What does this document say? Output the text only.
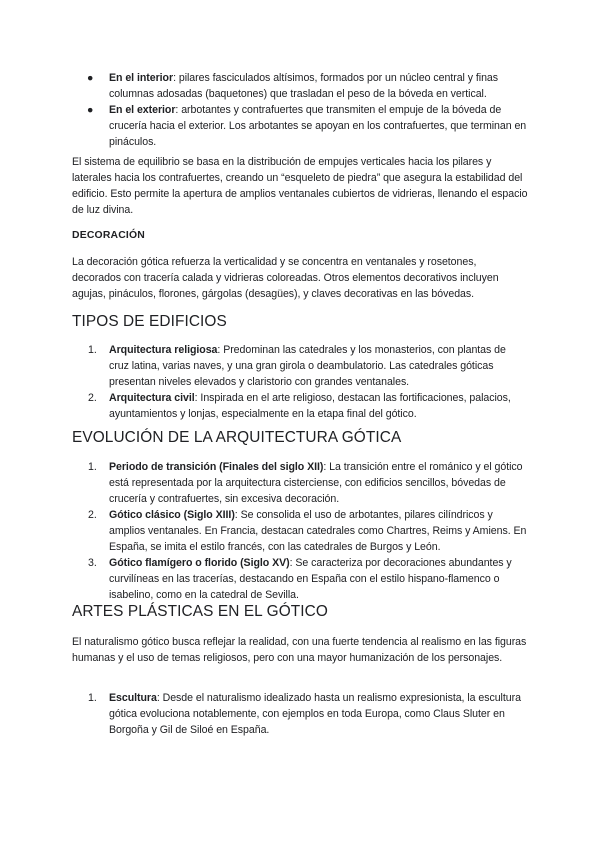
● En el interior: pilares fasciculados altísimos, formados por un núcleo central y finas columnas adosadas (baquetones) que trasladan el peso de la bóveda en vertical.
● En el exterior: arbotantes y contrafuertes que transmiten el empuje de la bóveda de crucería hacia el exterior. Los arbotantes se apoyan en los contrafuertes, que terminan en pináculos.

El sistema de equilibrio se basa en la distribución de empujes verticales hacia los pilares y laterales hacia los contrafuertes, creando un “esqueleto de piedra” que asegura la estabilidad del edificio. Esto permite la apertura de amplios ventanales cubiertos de vidrieras, llenando el espacio de luz divina.

DECORACIÓN

La decoración gótica refuerza la verticalidad y se concentra en ventanales y rosetones, decorados con tracería calada y vidrieras coloreadas. Otros elementos decorativos incluyen agujas, pináculos, florones, gárgolas (desagües), y claves decorativas en las bóvedas.

TIPOS DE EDIFICIOS
1. Arquitectura religiosa: Predominan las catedrales y los monasterios, con plantas de cruz latina, varias naves, y una gran girola o deambulatorio. Las catedrales góticas presentan niveles elevados y claristorio con grandes ventanales.
2. Arquitectura civil: Inspirada en el arte religioso, destacan las fortificaciones, palacios, ayuntamientos y lonjas, especialmente en la etapa final del gótico.
EVOLUCIÓN DE LA ARQUITECTURA GÓTICA
1. Periodo de transición (Finales del siglo XII): La transición entre el románico y el gótico está representada por la arquitectura cisterciense, con edificios sencillos, bóvedas de crucería y contrafuertes, sin excesiva decoración.
2. Gótico clásico (Siglo XIII): Se consolida el uso de arbotantes, pilares cilíndricos y amplios ventanales. En Francia, destacan catedrales como Chartres, Reims y Amiens. En España, se imita el estilo francés, con las catedrales de Burgos y León.
3. Gótico flamígero o florido (Siglo XV): Se caracteriza por decoraciones abundantes y curvilíneas en las tracerías, destacando en España con el estilo hispano-flamenco o isabelino, como en la catedral de Sevilla.
ARTES PLÁSTICAS EN EL GÓTICO

El naturalismo gótico busca reflejar la realidad, con una fuerte tendencia al realismo en las figuras humanas y el uso de temas religiosos, pero con una mayor humanización de los personajes.

1. Escultura: Desde el naturalismo idealizado hasta un realismo expresionista, la escultura gótica evoluciona notablemente, con ejemplos en toda Europa, como Claus Sluter en Borgoña y Gil de Siloé en España.
